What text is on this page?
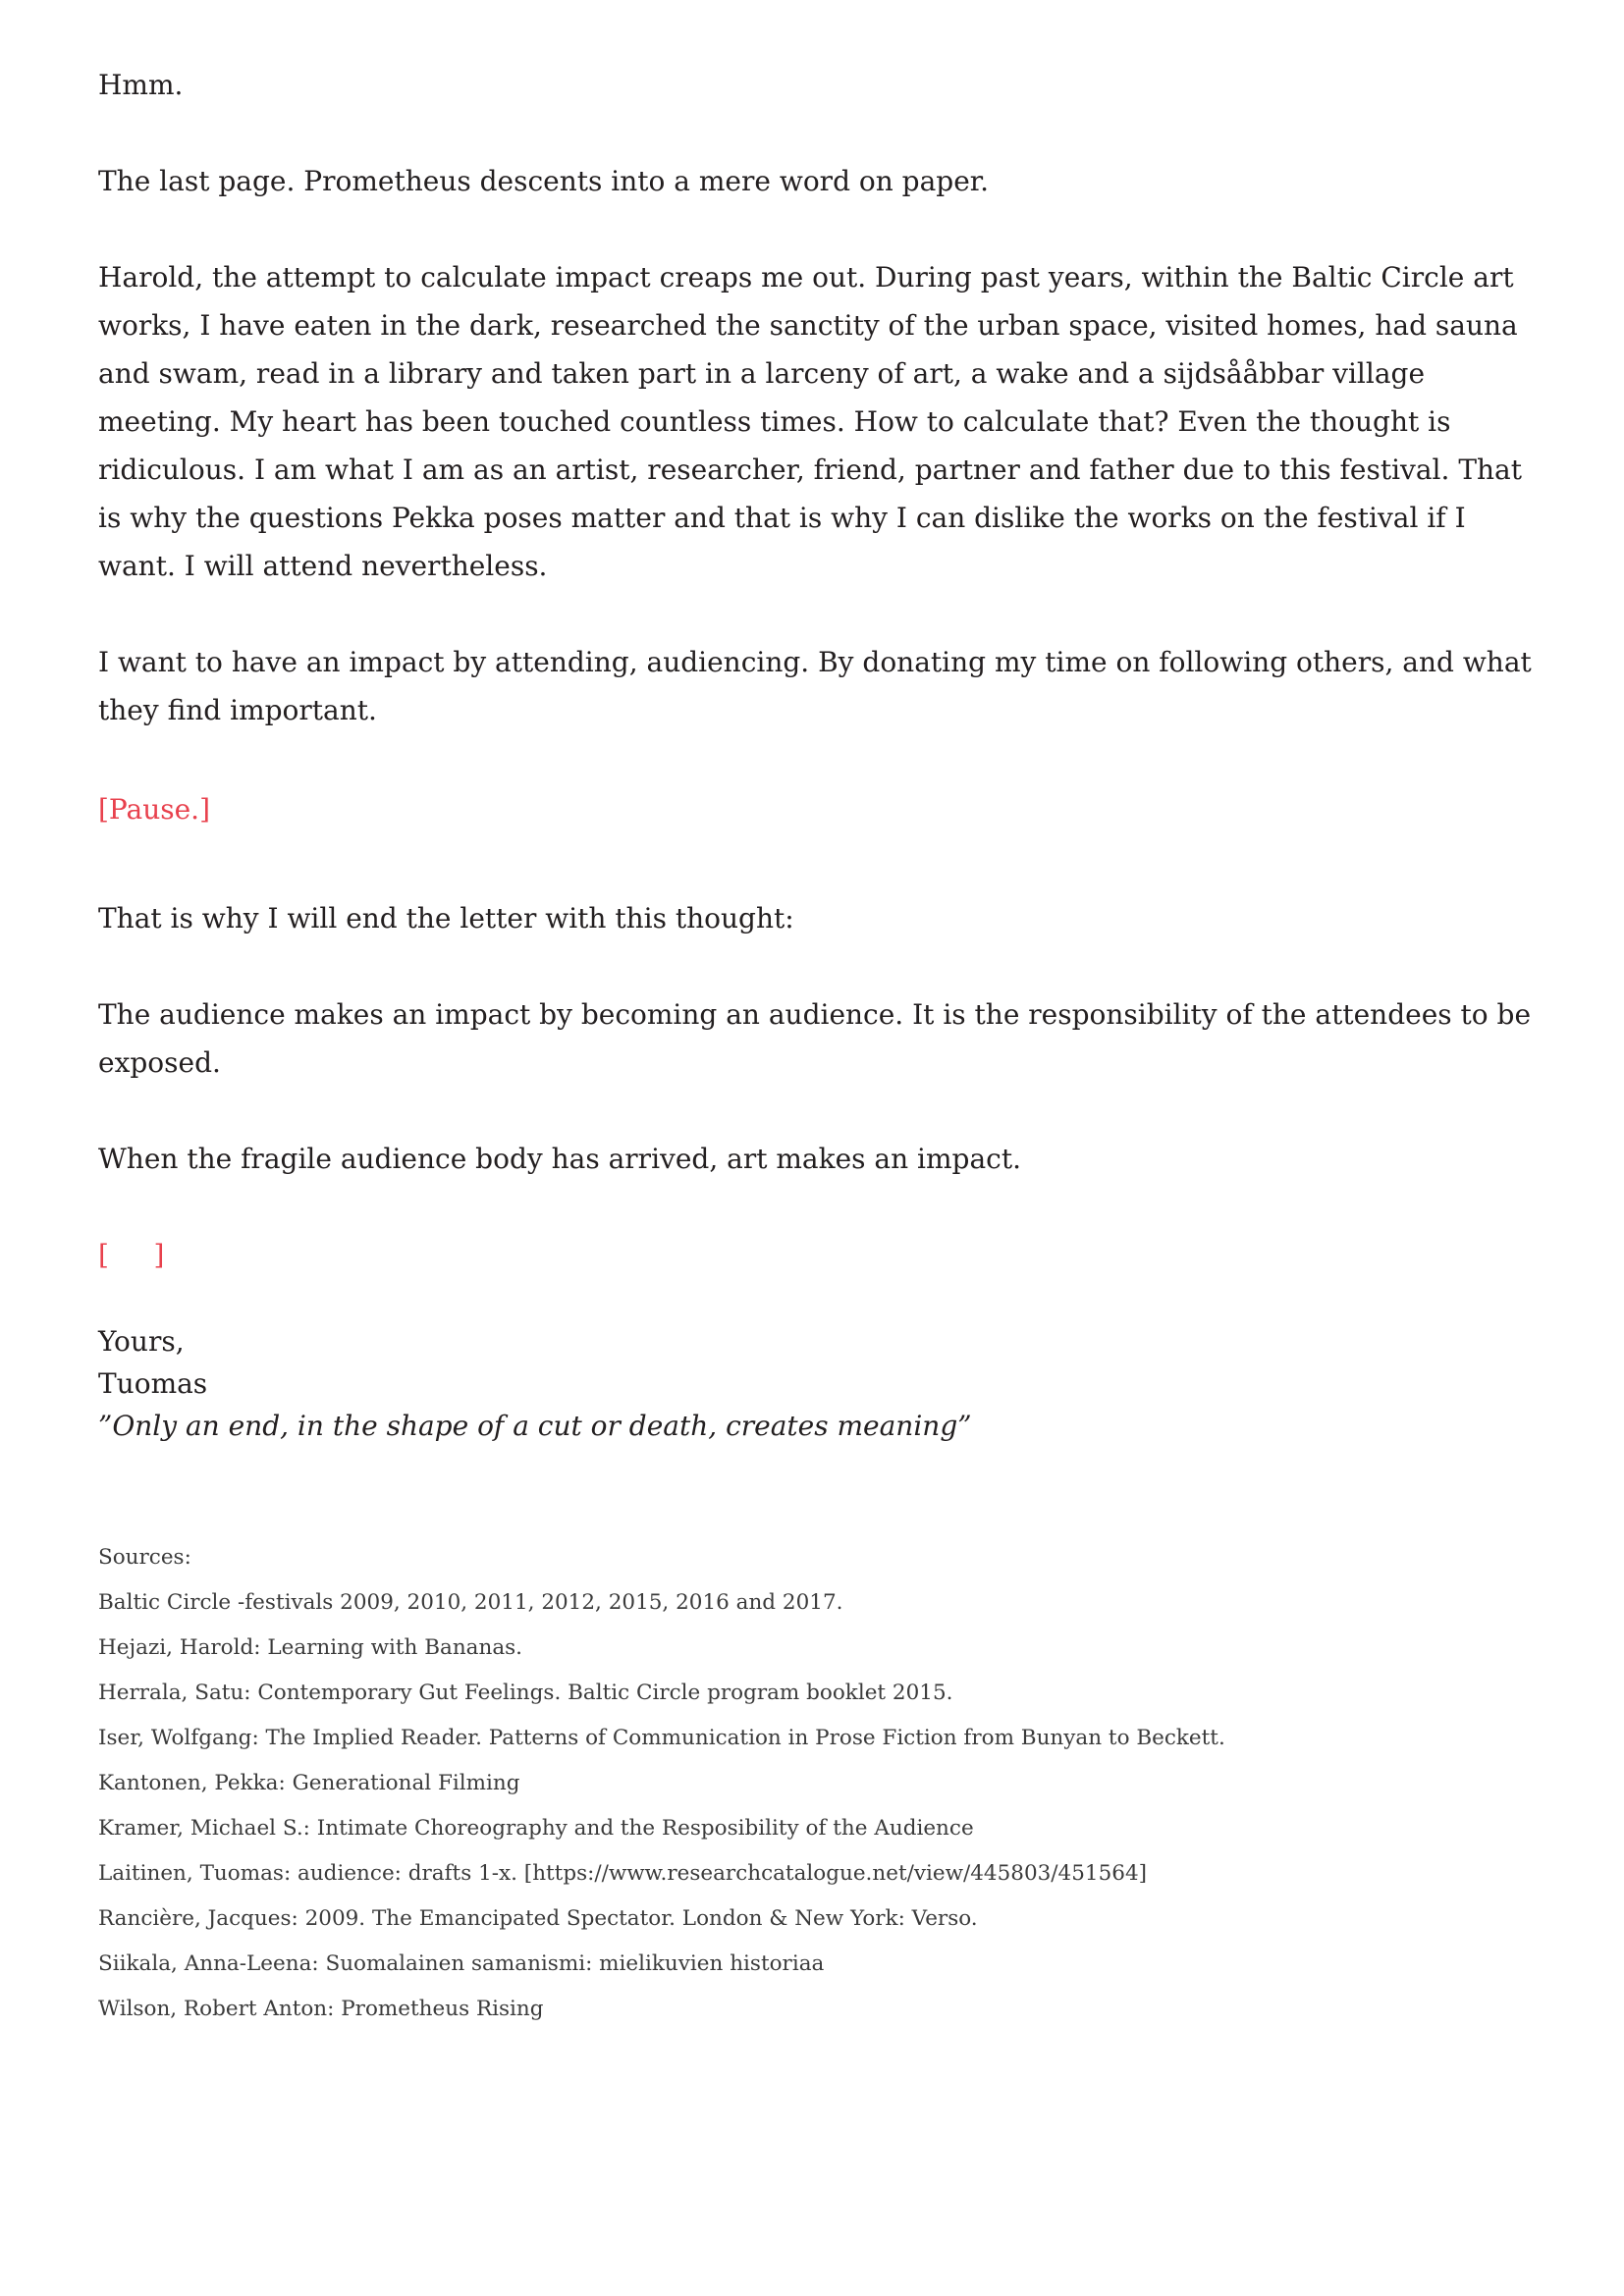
Hmm.

The last page. Prometheus descents into a mere word on paper.

Harold, the attempt to calculate impact creaps me out. During past years, within the Baltic Circle art works, I have eaten in the dark, researched the sanctity of the urban space, visited homes, had sauna and swam, read in a library and taken part in a larceny of art, a wake and a sijdsååbbar village meeting. My heart has been touched countless times. How to calculate that? Even the thought is ridiculous. I am what I am as an artist, researcher, friend, partner and father due to this festival. That is why the questions Pekka poses matter and that is why I can dislike the works on the festival if I want. I will attend nevertheless.

I want to have an impact by attending, audiencing. By donating my time on following others, and what they find important.

[Pause.]

That is why I will end the letter with this thought:

The audience makes an impact by becoming an audience. It is the responsibility of the attendees to be exposed.

When the fragile audience body has arrived, art makes an impact.

[    ]

Yours,

Tuomas

”Only an end, in the shape of a cut or death, creates meaning”

Sources:

Baltic Circle -festivals 2009, 2010, 2011, 2012, 2015, 2016 and 2017.

Hejazi, Harold: Learning with Bananas.

Herrala, Satu: Contemporary Gut Feelings. Baltic Circle program booklet 2015.

Iser, Wolfgang: The Implied Reader. Patterns of Communication in Prose Fiction from Bunyan to Beckett.

Kantonen, Pekka: Generational Filming

Kramer, Michael S.: Intimate Choreography and the Resposibility of the Audience

Laitinen, Tuomas: audience: drafts 1-x. [https://www.researchcatalogue.net/view/445803/451564]

Rancière, Jacques: 2009. The Emancipated Spectator. London & New York: Verso.

Siikala, Anna-Leena: Suomalainen samanismi: mielikuvien historiaa

Wilson, Robert Anton: Prometheus Rising
